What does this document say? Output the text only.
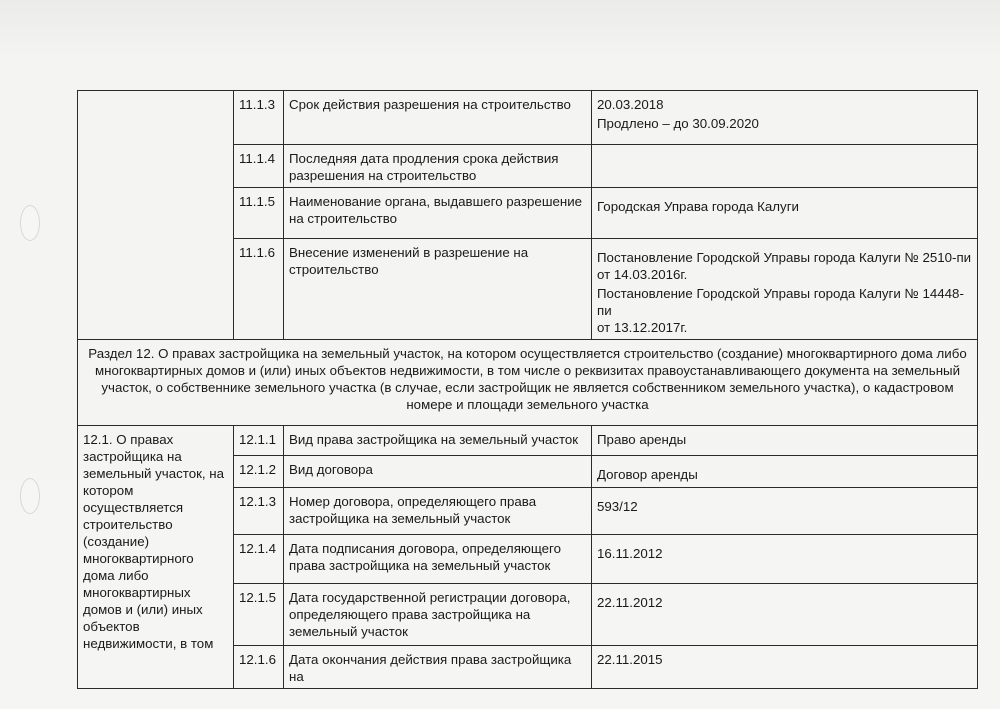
	11.1.3	Срок действия разрешения на строительство	20.03.2018
Продлено – до 30.09.2020

	11.1.4	Последняя дата продления срока действия разрешения на строительство	
	11.1.5	Наименование органа, выдавшего разрешение на строительство	Городская Управа города Калуги
	11.1.6	Внесение изменений в разрешение на строительство	Постановление Городской Управы города Калуги № 2510-пи
от 14.03.2016г.
Постановление Городской Управы города Калуги № 14448-пи
от 13.12.2017г.

Раздел 12. О правах застройщика на земельный участок, на котором осуществляется строительство (создание) многоквартирного дома либо многоквартирных домов и (или) иных объектов недвижимости, в том числе о реквизитах правоустанавливающего документа на земельный участок, о собственнике земельного участка (в случае, если застройщик не является собственником земельного участка), о кадастровом номере и площади земельного участка			
12.1. О правах застройщика на земельный участок, на котором осуществляется строительство (создание) многоквартирного дома либо многоквартирных домов и (или) иных объектов недвижимости, в том	12.1.1	Вид права застройщика на земельный участок	Право аренды
	12.1.2	Вид договора	Договор аренды
	12.1.3	Номер договора, определяющего права застройщика на земельный участок	593/12
	12.1.4	Дата подписания договора, определяющего права застройщика на земельный участок	16.11.2012
	12.1.5	Дата государственной регистрации договора, определяющего права застройщика на земельный участок	22.11.2012
	12.1.6	Дата окончания действия права застройщика на	22.11.2015
